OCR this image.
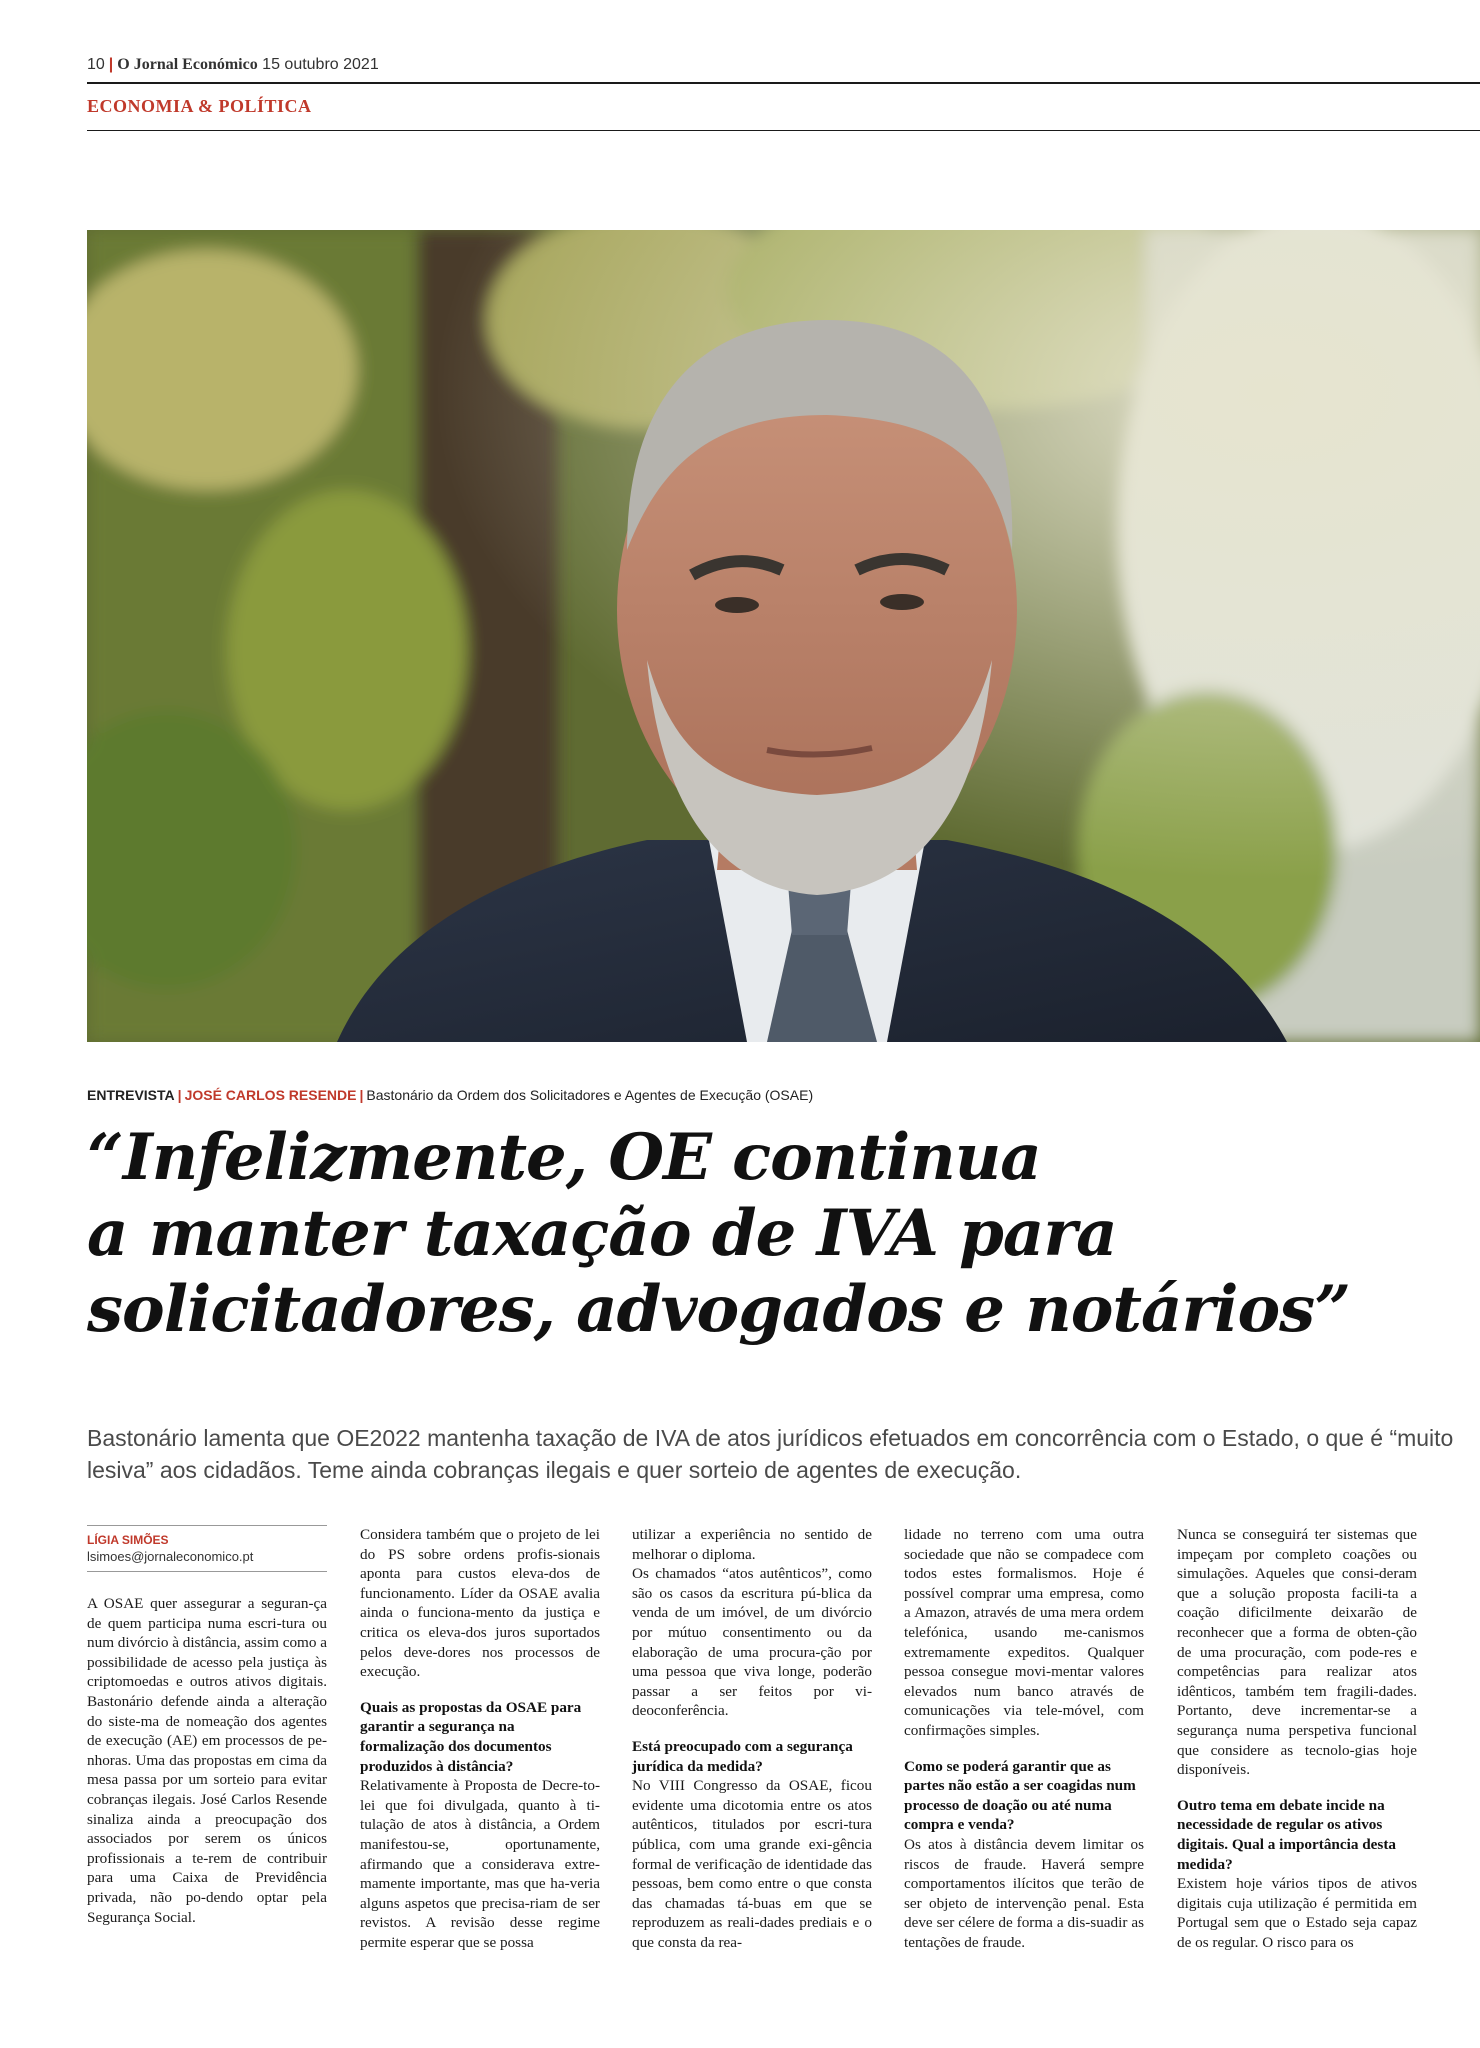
10 | O Jornal Económico 15 outubro 2021
ECONOMIA & POLÍTICA
ENTREVISTA | JOSÉ CARLOS RESENDE | Bastonário da Ordem dos Solicitadores e Agentes de Execução (OSAE)
“Infelizmente, OE continua
a manter taxação de IVA para
solicitadores, advogados e notários”

Bastonário lamenta que OE2022 mantenha taxação de IVA de atos jurídicos efetuados em concorrência com o Estado, o que é “muito lesiva” aos cidadãos. Teme ainda cobranças ilegais e quer sorteio de agentes de execução.

LÍGIA SIMÕES
lsimoes@jornaleconomico.pt

A OSAE quer assegurar a seguran-ça de quem participa numa escri-tura ou num divórcio à distância, assim como a possibilidade de acesso pela justiça às criptomoedas e outros ativos digitais. Bastonário defende ainda a alteração do siste-ma de nomeação dos agentes de execução (AE) em processos de pe-nhoras. Uma das propostas em cima da mesa passa por um sorteio para evitar cobranças ilegais. José Carlos Resende sinaliza ainda a preocupação dos associados por serem os únicos profissionais a te-rem de contribuir para uma Caixa de Previdência privada, não po-dendo optar pela Segurança Social.

Considera também que o projeto de lei do PS sobre ordens profis-sionais aponta para custos eleva-dos de funcionamento. Líder da OSAE avalia ainda o funciona-mento da justiça e critica os eleva-dos juros suportados pelos deve-dores nos processos de execução.

Quais as propostas da OSAE para garantir a segurança na formalização dos documentos produzidos à distância?

Relativamente à Proposta de Decre-to-lei que foi divulgada, quanto à ti-tulação de atos à distância, a Ordem manifestou-se, oportunamente, afirmando que a considerava extre-mamente importante, mas que ha-veria alguns aspetos que precisa-riam de ser revistos. A revisão desse regime permite esperar que se possa

utilizar a experiência no sentido de melhorar o diploma.

Os chamados “atos autênticos”, como são os casos da escritura pú-blica da venda de um imóvel, de um divórcio por mútuo consentimento ou da elaboração de uma procura-ção por uma pessoa que viva longe, poderão passar a ser feitos por vi-deoconferência.

Está preocupado com a segurança jurídica da medida?

No VIII Congresso da OSAE, ficou evidente uma dicotomia entre os atos autênticos, titulados por escri-tura pública, com uma grande exi-gência formal de verificação de identidade das pessoas, bem como entre o que consta das chamadas tá-buas em que se reproduzem as reali-dades prediais e o que consta da rea-

lidade no terreno com uma outra sociedade que não se compadece com todos estes formalismos. Hoje é possível comprar uma empresa, como a Amazon, através de uma mera ordem telefónica, usando me-canismos extremamente expeditos. Qualquer pessoa consegue movi-mentar valores elevados num banco através de comunicações via tele-móvel, com confirmações simples.

Como se poderá garantir que as partes não estão a ser coagidas num processo de doação ou até numa compra e venda?

Os atos à distância devem limitar os riscos de fraude. Haverá sempre comportamentos ilícitos que terão de ser objeto de intervenção penal. Esta deve ser célere de forma a dis-suadir as tentações de fraude.

Nunca se conseguirá ter sistemas que impeçam por completo coações ou simulações. Aqueles que consi-deram que a solução proposta facili-ta a coação dificilmente deixarão de reconhecer que a forma de obten-ção de uma procuração, com pode-res e competências para realizar atos idênticos, também tem fragili-dades. Portanto, deve incrementar-se a segurança numa perspetiva funcional que considere as tecnolo-gias hoje disponíveis.

Outro tema em debate incide na necessidade de regular os ativos digitais. Qual a importância desta medida?

Existem hoje vários tipos de ativos digitais cuja utilização é permitida em Portugal sem que o Estado seja capaz de os regular. O risco para os
